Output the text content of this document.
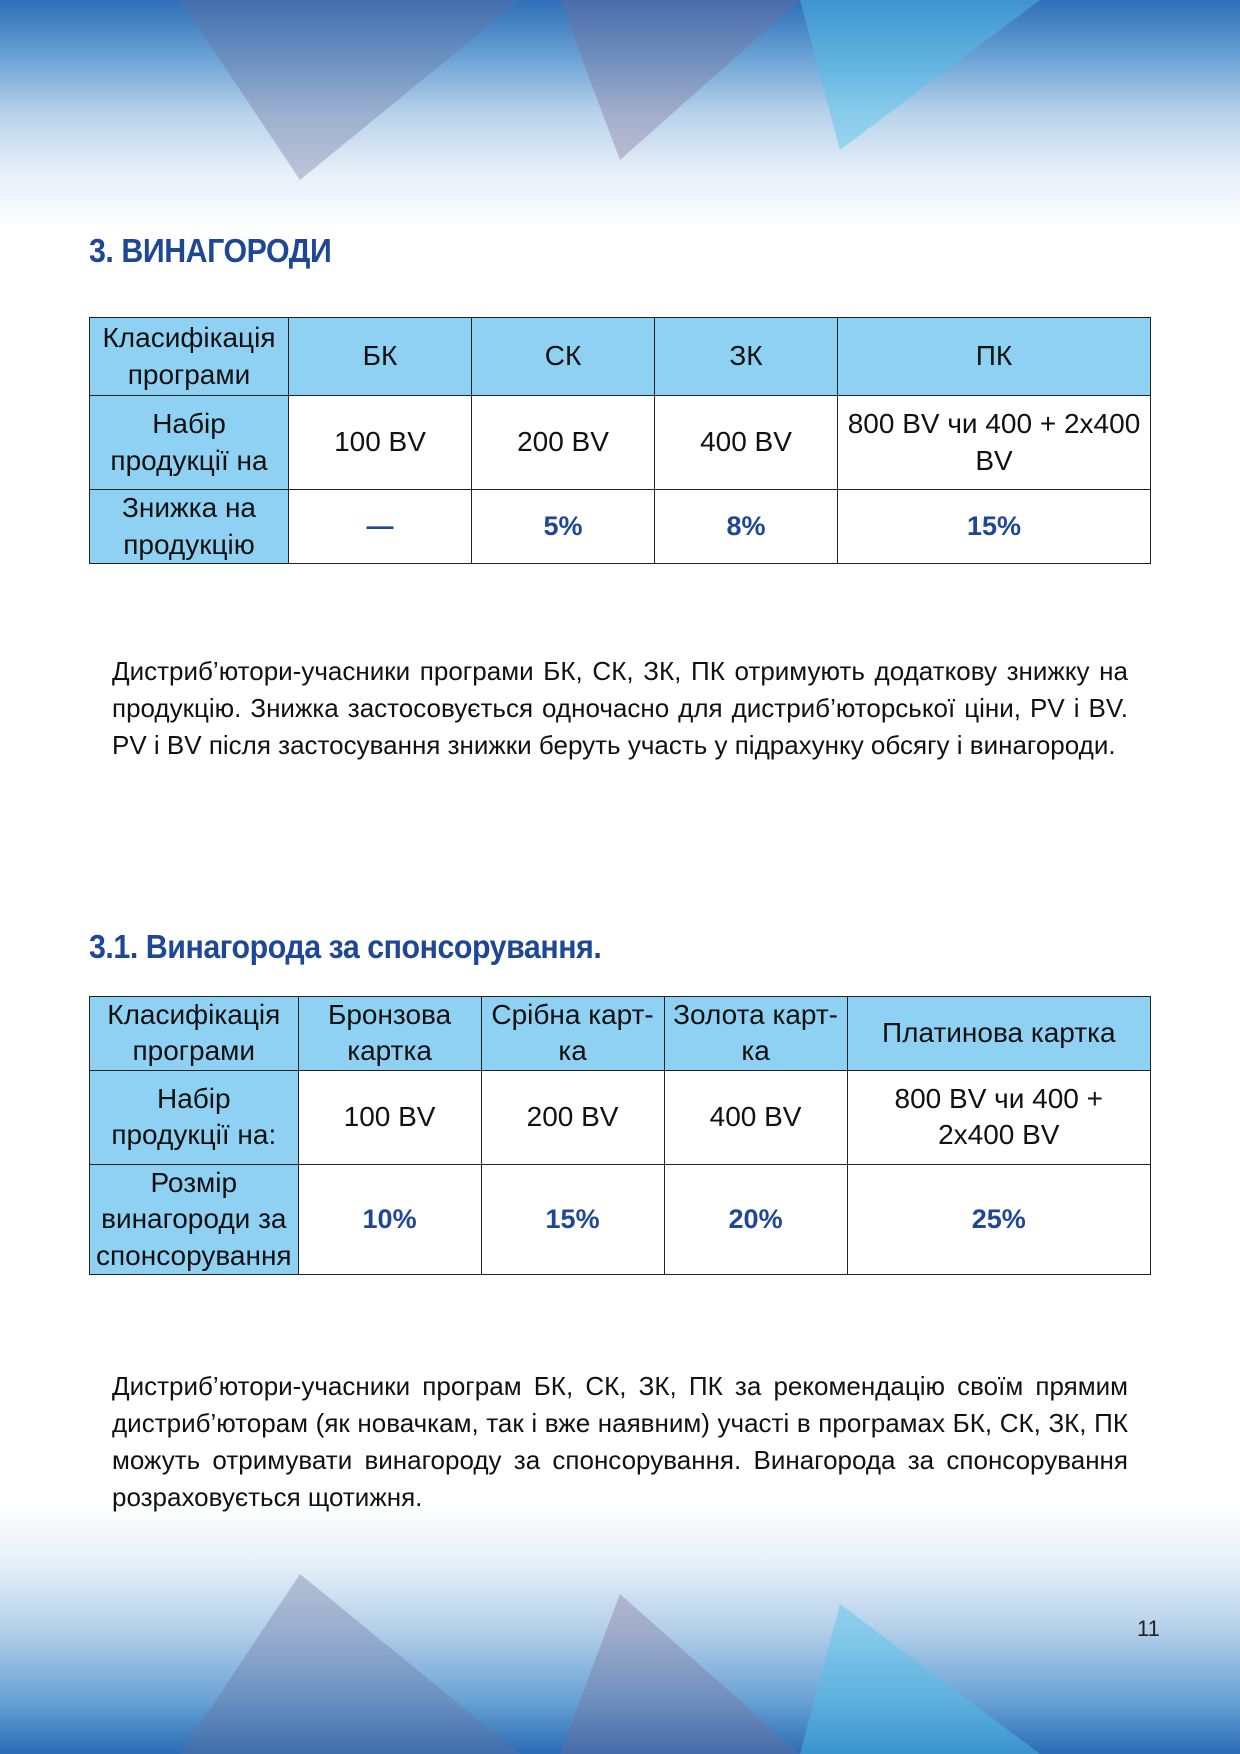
3. ВИНАГОРОДИ
Класифікація програми	БК	СК	ЗК	ПК
Набір продукції на	100 BV	200 BV	400 BV	800 BV чи 400 + 2x400 BV
Знижка на продукцію	—	5%	8%	15%

Дистриб’ютори-учасники програми БК, СК, ЗК, ПК отримують додаткову знижку на продукцію. Знижка застосовується одночасно для дистриб’юторської ціни, PV і BV. PV і BV після застосування знижки беруть участь у підрахунку обсягу і винагороди.

3.1. Винагорода за спонсорування.
Класифікація програми	Бронзова картка	Срібна карт-ка	Золота карт-ка	Платинова картка
Набір продукції на:	100 BV	200 BV	400 BV	800 BV чи 400 + 2x400 BV
Розмір винагороди за спонсорування	10%	15%	20%	25%

Дистриб’ютори-учасники програм БК, СК, ЗК, ПК за рекомендацію своїм прямим дистриб’юторам (як новачкам, так і вже наявним) участі в програмах БК, СК, ЗК, ПК можуть отримувати винагороду за спонсорування. Винагорода за спонсорування розраховується щотижня.

11
